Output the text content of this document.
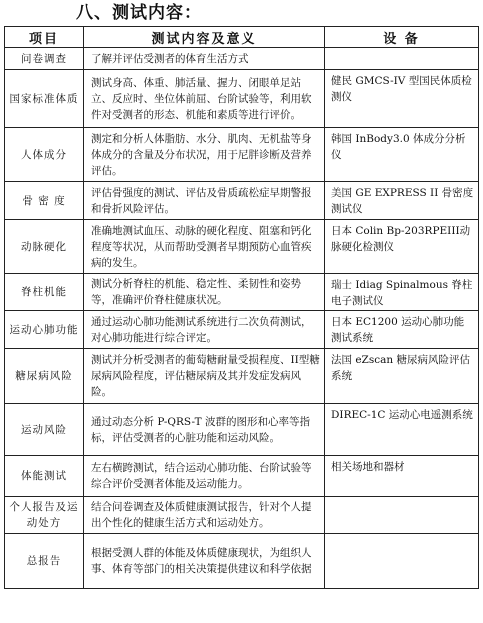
八、测试内容：
项目	测试内容及意义	设 备
问卷调查	了解并评估受测者的体育生活方式	
国家标准体质	测试身高、体重、肺活量、握力、闭眼单足站立、反应时、坐位体前屈、台阶试验等，利用软件对受测者的形态、机能和素质等进行评价。	健民 GMCS-IV 型国民体质检测仪
人体成分	测定和分析人体脂肪、水分、肌肉、无机盐等身体成分的含量及分布状况，用于尼胖诊断及营养评估。	韩国 InBody3.0 体成分分析仪
骨 密 度	评估骨强度的测试、评估及骨质疏松症早期警报和骨折风险评估。	美国 GE EXPRESS II 骨密度测试仪
动脉硬化	准确地测试血压、动脉的硬化程度、阻塞和钙化程度等状况，从而帮助受测者早期预防心血管疾病的发生。	日本 Colin Bp-203RPEIII动脉硬化检测仪
脊柱机能	测试分析脊柱的机能、稳定性、柔韧性和姿势等，准确评价脊柱健康状况。	瑞士 Idiag Spinalmous 脊柱电子测试仪
运动心肺功能	通过运动心肺功能测试系统进行二次负荷测试，对心肺功能进行综合评定。	日本 EC1200 运动心肺功能测试系统
糖尿病风险	测试并分析受测者的葡萄糖耐量受损程度、II型糖尿病风险程度，评估糖尿病及其并发症发病风险。	法国 eZscan 糖尿病风险评估系统
运动风险	通过动态分析 P-QRS-T 波群的图形和心率等指标，评估受测者的心脏功能和运动风险。	DIREC-1C 运动心电遥测系统
体能测试	左右横跨测试，结合运动心肺功能、台阶试验等综合评价受测者体能及运动能力。	相关场地和器材
个人报告及运动处方	结合问卷调查及体质健康测试报告，针对个人提出个性化的健康生活方式和运动处方。	
总报告	根据受测人群的体能及体质健康现状，为组织人事、体育等部门的相关决策提供建议和科学依据	
